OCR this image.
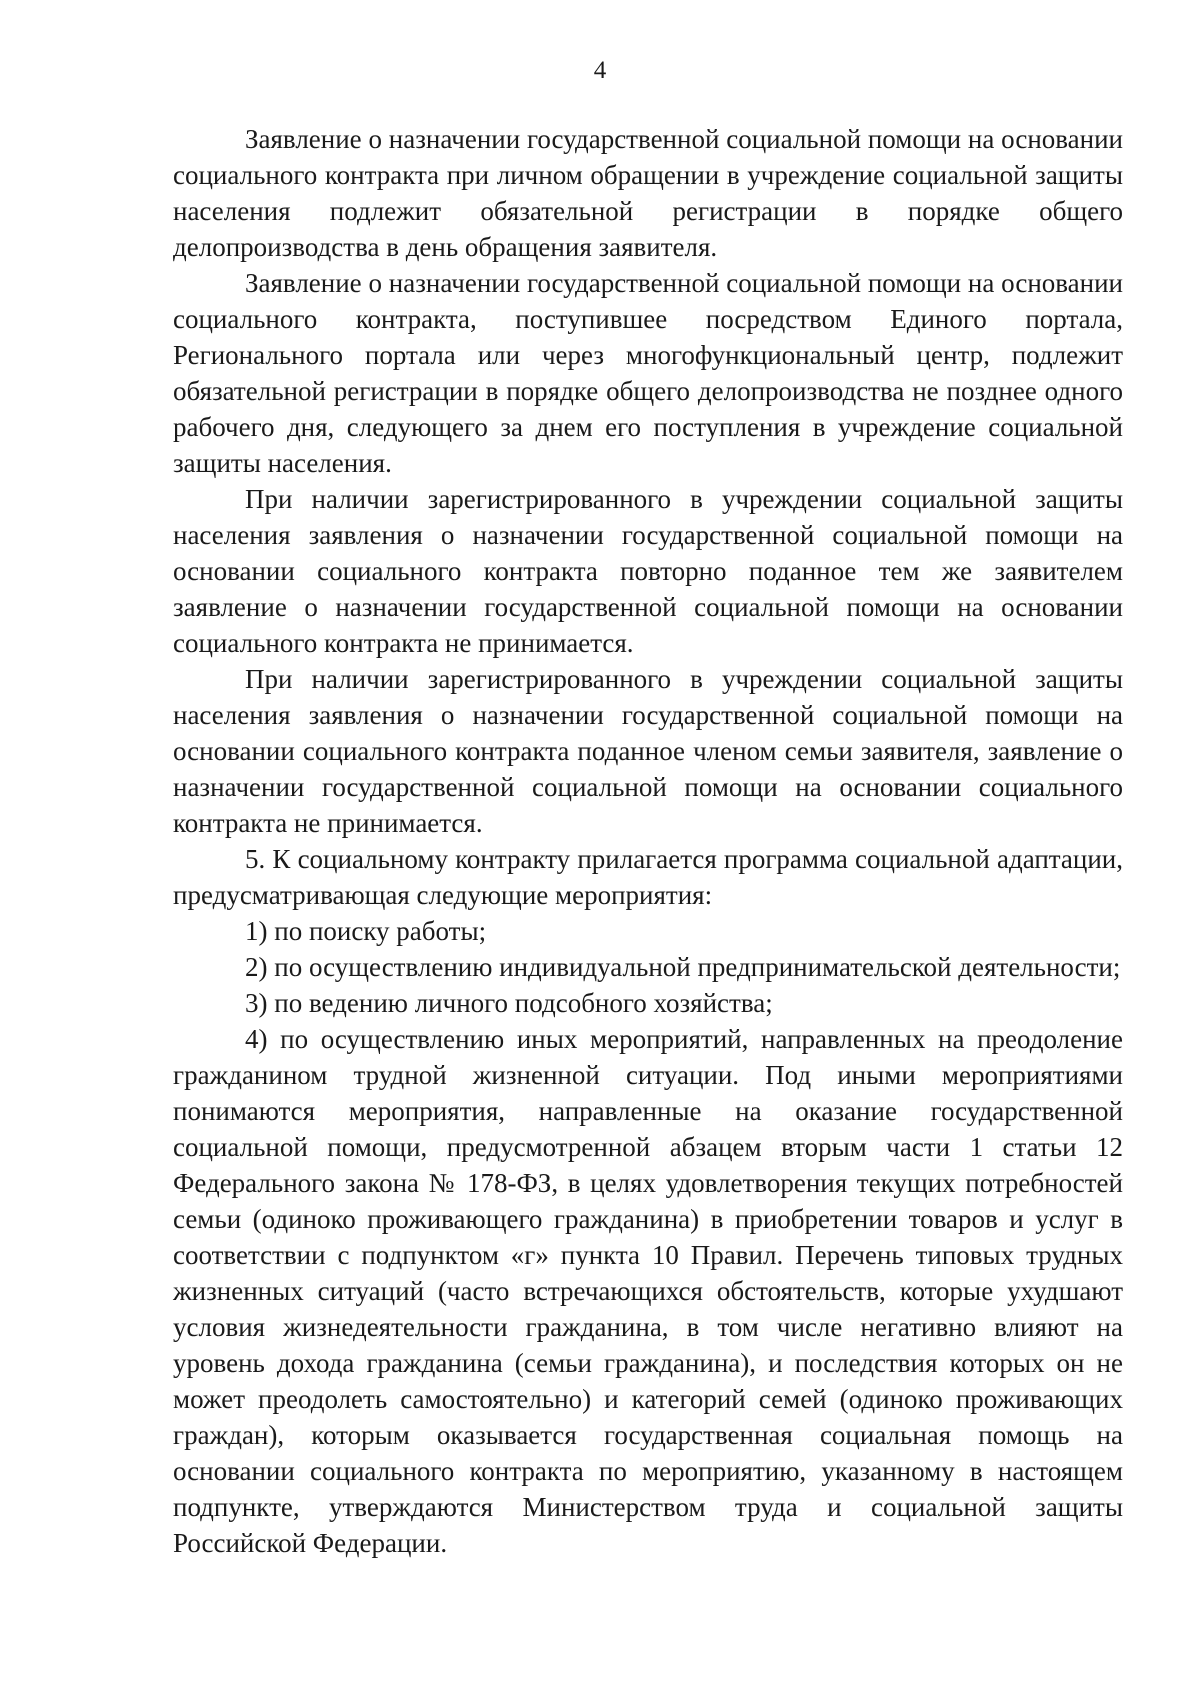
4

Заявление о назначении государственной социальной помощи на основании социального контракта при личном обращении в учреждение социальной защиты населения подлежит обязательной регистрации в порядке общего делопроизводства в день обращения заявителя.

Заявление о назначении государственной социальной помощи на основании социального контракта, поступившее посредством Единого портала, Регионального портала или через многофункциональный центр, подлежит обязательной регистрации в порядке общего делопроизводства не позднее одного рабочего дня, следующего за днем его поступления в учреждение социальной защиты населения.

При наличии зарегистрированного в учреждении социальной защиты населения заявления о назначении государственной социальной помощи на основании социального контракта повторно поданное тем же заявителем заявление о назначении государственной социальной помощи на основании социального контракта не принимается.

При наличии зарегистрированного в учреждении социальной защиты населения заявления о назначении государственной социальной помощи на основании социального контракта поданное членом семьи заявителя, заявление о назначении государственной социальной помощи на основании социального контракта не принимается.

5. К социальному контракту прилагается программа социальной адаптации, предусматривающая следующие мероприятия:

1) по поиску работы;

2) по осуществлению индивидуальной предпринимательской деятельности;

3) по ведению личного подсобного хозяйства;

4) по осуществлению иных мероприятий, направленных на преодоление гражданином трудной жизненной ситуации. Под иными мероприятиями понимаются мероприятия, направленные на оказание государственной социальной помощи, предусмотренной абзацем вторым части 1 статьи 12 Федерального закона № 178-ФЗ, в целях удовлетворения текущих потребностей семьи (одиноко проживающего гражданина) в приобретении товаров и услуг в соответствии с подпунктом «г» пункта 10 Правил. Перечень типовых трудных жизненных ситуаций (часто встречающихся обстоятельств, которые ухудшают условия жизнедеятельности гражданина, в том числе негативно влияют на уровень дохода гражданина (семьи гражданина), и последствия которых он не может преодолеть самостоятельно) и категорий семей (одиноко проживающих граждан), которым оказывается государственная социальная помощь на основании социального контракта по мероприятию, указанному в настоящем подпункте, утверждаются Министерством труда и социальной защиты Российской Федерации.
